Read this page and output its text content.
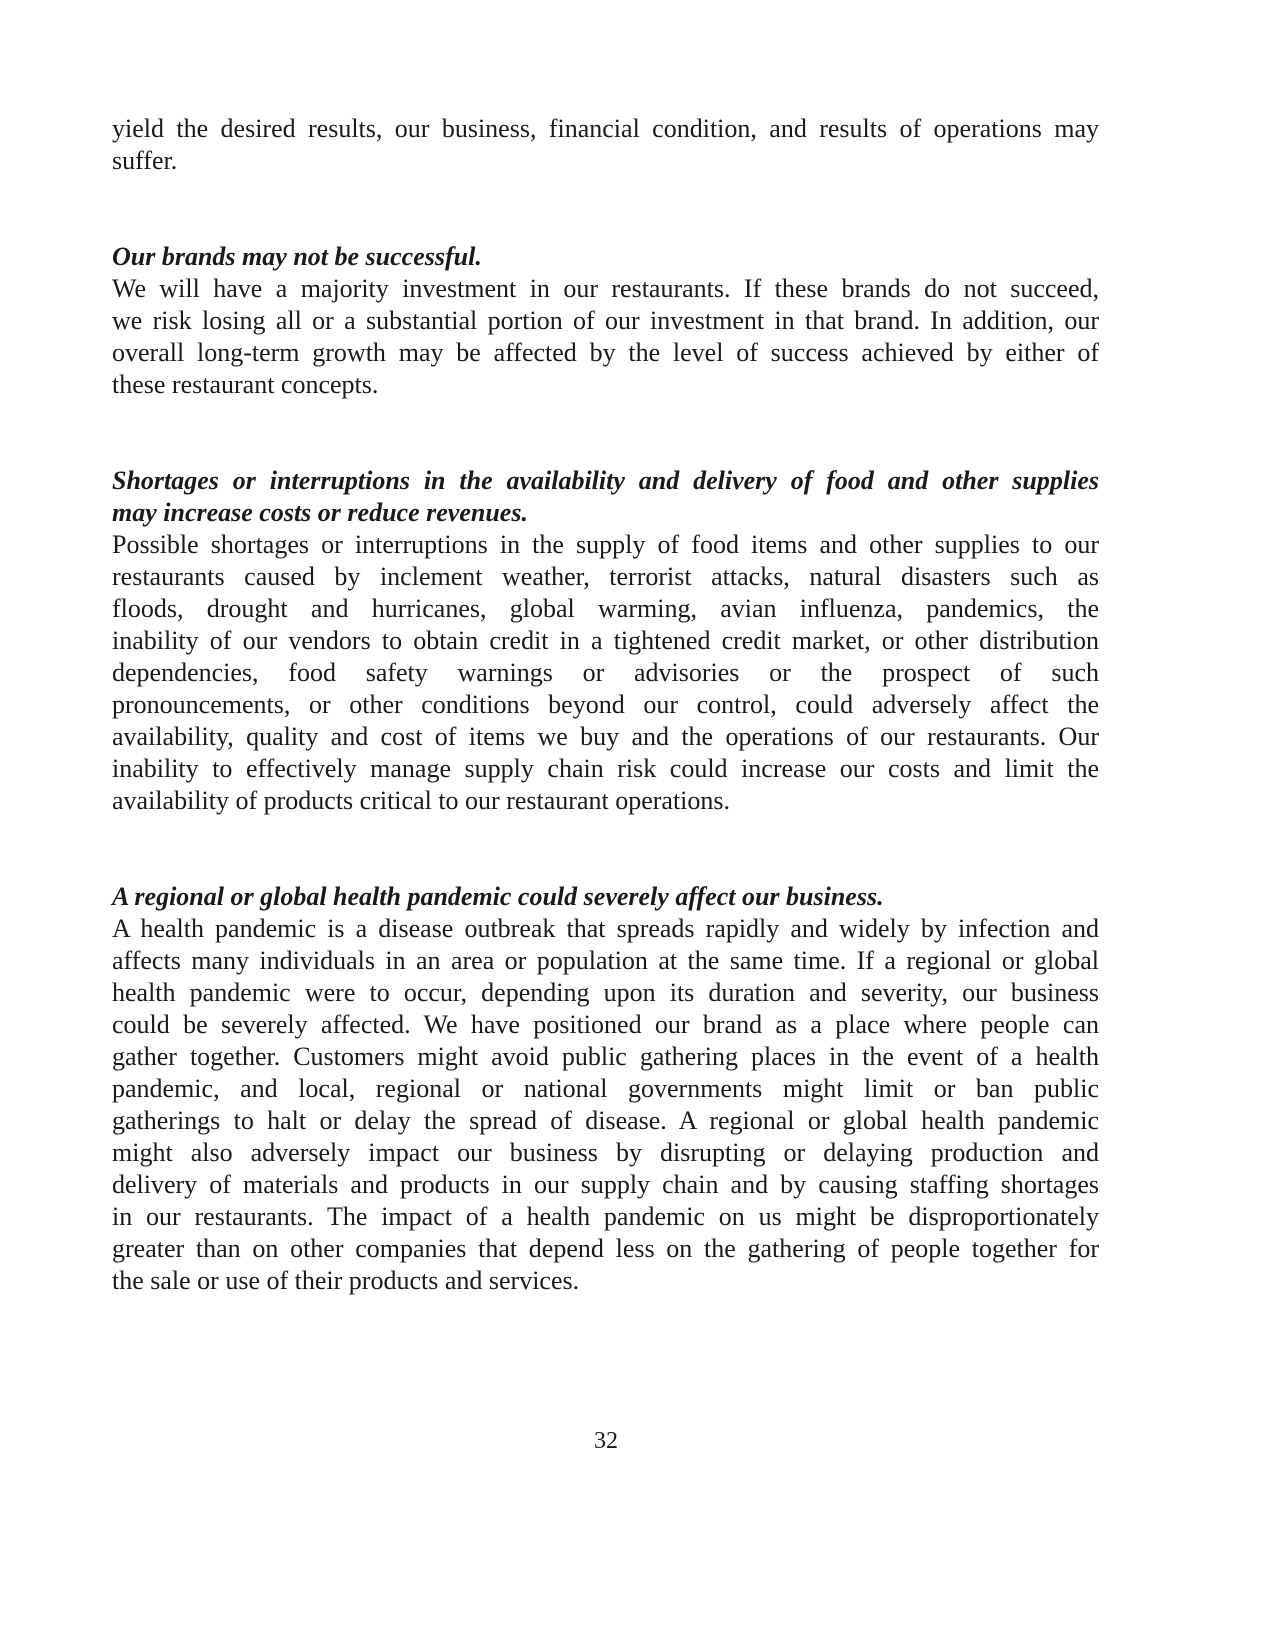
yield the desired results, our business, financial condition, and results of operations may
suffer.
Our brands may not be successful.
We will have a majority investment in our restaurants. If these brands do not succeed,
we risk losing all or a substantial portion of our investment in that brand. In addition, our
overall long-term growth may be affected by the level of success achieved by either of
these restaurant concepts.
Shortages or interruptions in the availability and delivery of food and other supplies
may increase costs or reduce revenues.
Possible shortages or interruptions in the supply of food items and other supplies to our
restaurants caused by inclement weather, terrorist attacks, natural disasters such as
floods, drought and hurricanes, global warming, avian influenza, pandemics, the
inability of our vendors to obtain credit in a tightened credit market, or other distribution
dependencies, food safety warnings or advisories or the prospect of such
pronouncements, or other conditions beyond our control, could adversely affect the
availability, quality and cost of items we buy and the operations of our restaurants. Our
inability to effectively manage supply chain risk could increase our costs and limit the
availability of products critical to our restaurant operations.
A regional or global health pandemic could severely affect our business.
A health pandemic is a disease outbreak that spreads rapidly and widely by infection and
affects many individuals in an area or population at the same time. If a regional or global
health pandemic were to occur, depending upon its duration and severity, our business
could be severely affected. We have positioned our brand as a place where people can
gather together. Customers might avoid public gathering places in the event of a health
pandemic, and local, regional or national governments might limit or ban public
gatherings to halt or delay the spread of disease. A regional or global health pandemic
might also adversely impact our business by disrupting or delaying production and
delivery of materials and products in our supply chain and by causing staffing shortages
in our restaurants. The impact of a health pandemic on us might be disproportionately
greater than on other companies that depend less on the gathering of people together for
the sale or use of their products and services.
32
